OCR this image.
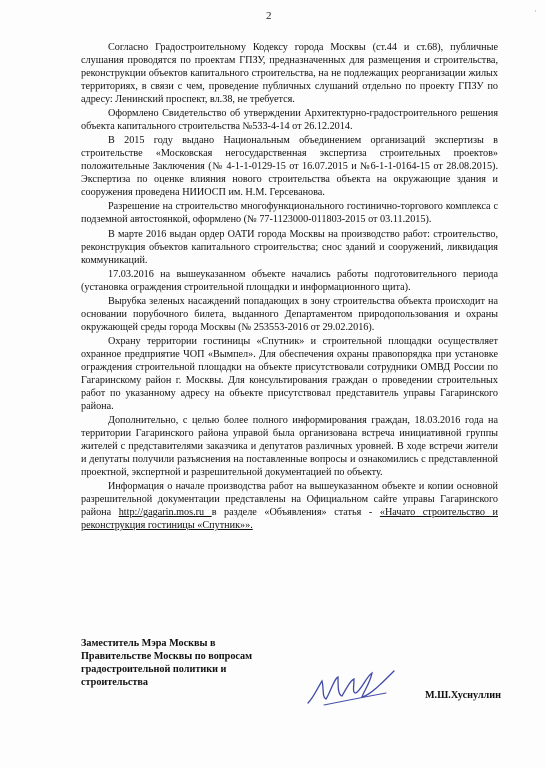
2	·

Согласно Градостроительному Кодексу города Москвы (ст.44 и ст.68), публичные слушания проводятся по проектам ГПЗУ, предназначенных для размещения и строительства, реконструкции объектов капитального строительства, на не подлежащих реорганизации жилых территориях, в связи с чем, проведение публичных слушаний отдельно по проекту ГПЗУ по адресу: Ленинский проспект, вл.38, не требуется.

Оформлено Свидетельство об утверждении Архитектурно-градостроительного решения объекта капитального строительства №533-4-14 от 26.12.2014.

В 2015 году выдано Национальным объединением организаций экспертизы в строительстве «Московская негосударственная экспертиза строительных проектов» положительные Заключения (№ 4-1-1-0129-15 от 16.07.2015 и №6-1-1-0164-15 от 28.08.2015). Экспертиза по оценке влияния нового строительства объекта на окружающие здания и сооружения проведена НИИОСП им. Н.М. Герсеванова.

Разрешение на строительство многофункционального гостинично-торгового комплекса с подземной автостоянкой, оформлено (№ 77-1123000-011803-2015 от 03.11.2015).

В марте 2016 выдан ордер ОАТИ города Москвы на производство работ: строительство, реконструкция объектов капитального строительства; снос зданий и сооружений, ликвидация коммуникаций.

17.03.2016 на вышеуказанном объекте начались работы подготовительного периода (установка ограждения строительной площадки и информационного щита).

Вырубка зеленых насаждений попадающих в зону строительства объекта происходит на основании порубочного билета, выданного Департаментом природопользования и охраны окружающей среды города Москвы (№ 253553-2016 от 29.02.2016).

Охрану территории гостиницы «Спутник» и строительной площадки осуществляет охранное предприятие ЧОП «Вымпел». Для обеспечения охраны правопорядка при установке ограждения строительной площадки на объекте присутствовали сотрудники ОМВД России по Гагаринскому район г. Москвы. Для консультирования граждан о проведении строительных работ по указанному адресу на объекте присутствовал представитель управы Гагаринского района.

Дополнительно, с целью более полного информирования граждан, 18.03.2016 года на территории Гагаринского района управой была организована встреча инициативной группы жителей с представителями заказчика и депутатов различных уровней. В ходе встречи жители и депутаты получили разъяснения на поставленные вопросы и ознакомились с представленной проектной, экспертной и разрешительной документацией по объекту.

Информация о начале производства работ на вышеуказанном объекте и копии основной разрешительной документации представлены на Официальном сайте управы Гагаринского района http://gagarin.mos.ru в разделе «Объявления» статья - «Начато строительство и реконструкция гостиницы «Спутник»».

Заместитель Мэра Москвы в Правительстве Москвы по вопросам градостроительной политики и строительства
М.Ш.Хуснуллин
